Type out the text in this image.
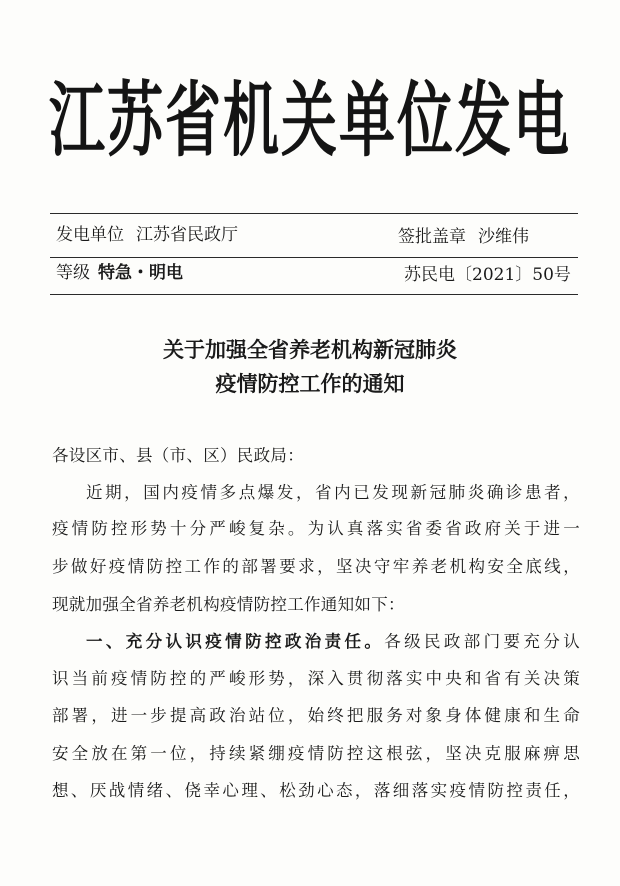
江苏省机关单位发电
发电单位 江苏省民政厅	签批盖章 沙维伟
等级 特急・明电	苏民电〔2021〕50号
关于加强全省养老机构新冠肺炎
疫情防控工作的通知
各设区市、县（市、区）民政局：
近期，国内疫情多点爆发，省内已发现新冠肺炎确诊患者，
疫情防控形势十分严峻复杂。为认真落实省委省政府关于进一
步做好疫情防控工作的部署要求，坚决守牢养老机构安全底线，
现就加强全省养老机构疫情防控工作通知如下：
一、充分认识疫情防控政治责任。各级民政部门要充分认
识当前疫情防控的严峻形势，深入贯彻落实中央和省有关决策
部署，进一步提高政治站位，始终把服务对象身体健康和生命
安全放在第一位，持续紧绷疫情防控这根弦，坚决克服麻痹思
想、厌战情绪、侥幸心理、松劲心态，落细落实疫情防控责任，
